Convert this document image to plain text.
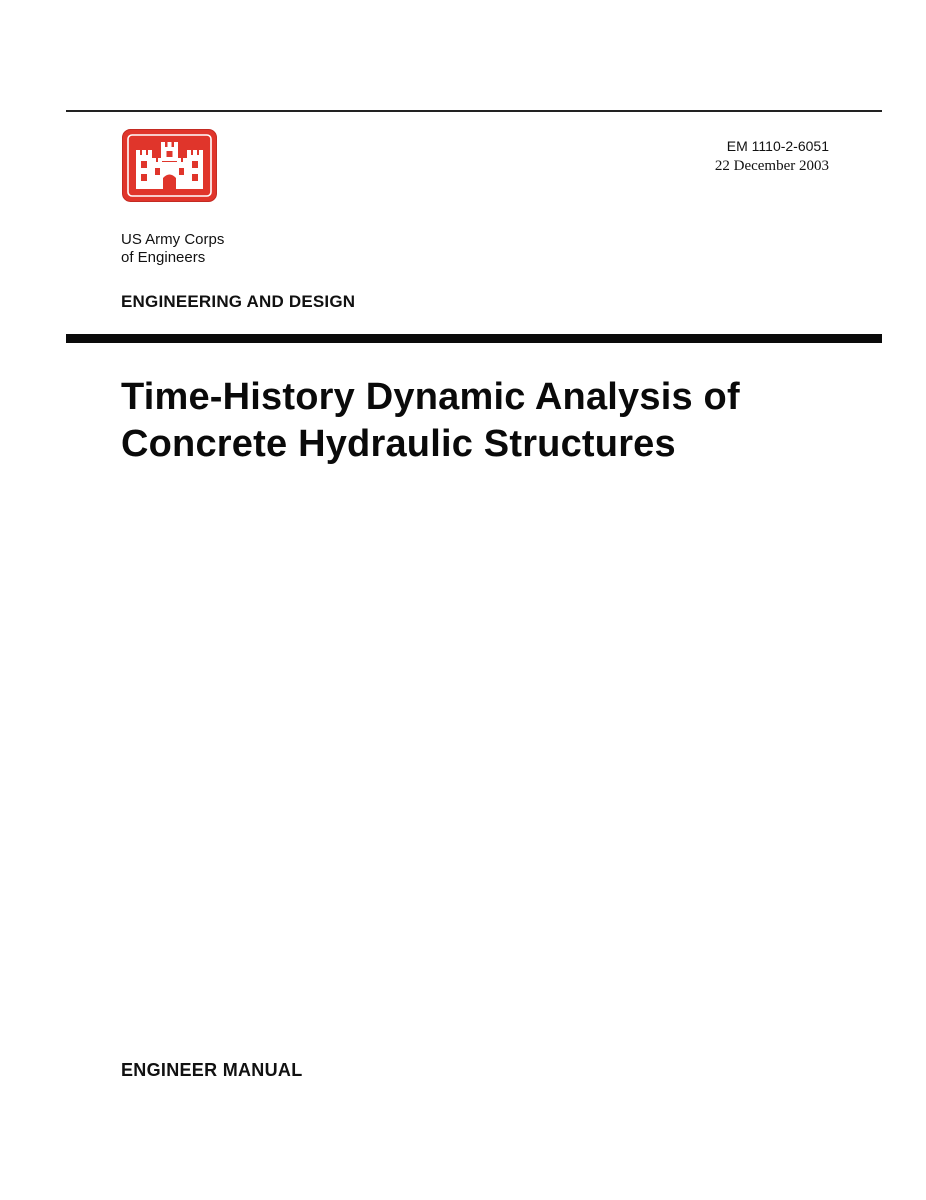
EM 1110-2-6051
22 December 2003
US Army Corps
of Engineers
ENGINEERING AND DESIGN
Time-History Dynamic Analysis of
Concrete Hydraulic Structures
ENGINEER MANUAL
